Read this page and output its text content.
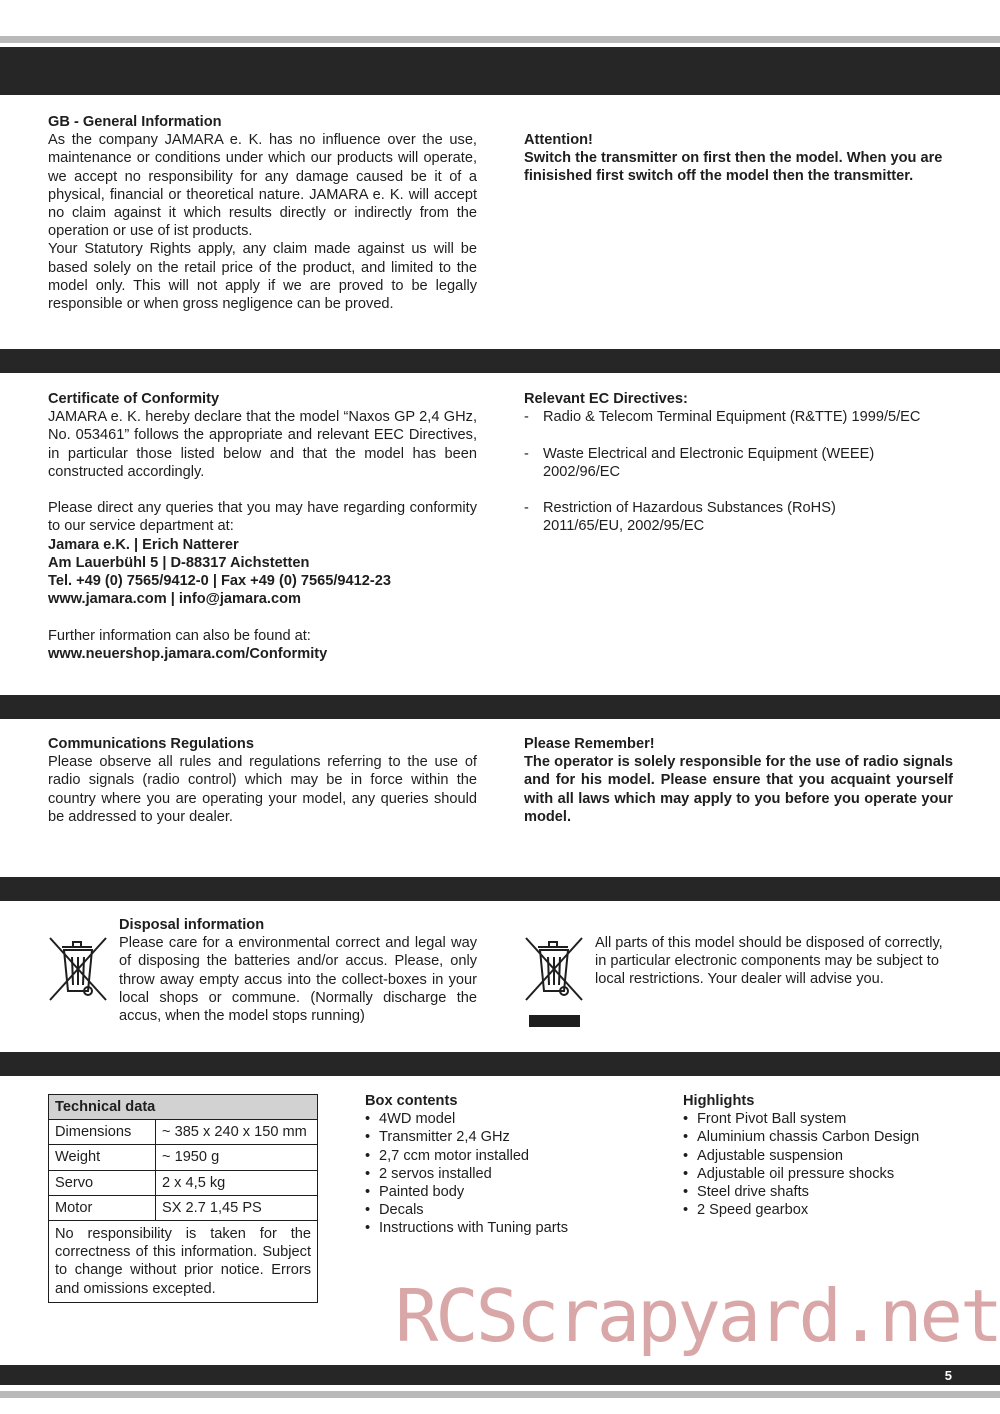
GB - General Information
As the company JAMARA e. K. has no influence over the use, maintenance or conditions under which our products will operate, we accept no responsibility for any damage caused be it of a physical, financial or theoretical nature. JAMARA e. K. will accept no claim against it which results directly or indirectly from the operation or use of ist products.
Your Statutory Rights apply, any claim made against us will be based solely on the retail price of the product, and limited to the model only. This will not apply if we are proved to be legally responsible or when gross negligence can be proved.
Attention!
Switch the transmitter on first then the model. When you are finisished first switch off the model then the transmitter.
Certificate of Conformity
JAMARA e. K. hereby declare that the model “Naxos GP 2,4 GHz, No. 053461” follows the appropriate and relevant EEC Directives, in particular those listed below and that the model has been constructed accordingly.
Please direct any queries that you may have regarding conformity to our service department at:
Jamara e.K. | Erich Natterer
Am Lauerbühl 5 | D-88317 Aichstetten
Tel. +49 (0) 7565/9412-0 | Fax +49 (0) 7565/9412-23
www.jamara.com | info@jamara.com
Further information can also be found at:
www.neuershop.jamara.com/Conformity
Relevant EC Directives:
- Radio & Telecom Terminal Equipment (R&TTE) 1999/5/EC
- Waste Electrical and Electronic Equipment (WEEE) 2002/96/EC
- Restriction of Hazardous Substances (RoHS) 2011/65/EU, 2002/95/EC
Communications Regulations
Please observe all rules and regulations referring to the use of radio signals (radio control) which may be in force within the country where you are operating your model, any queries should be addressed to your dealer.
Please Remember!
The operator is solely responsible for the use of radio signals and for his model. Please ensure that you acquaint yourself with all laws which may apply to you before you operate your model.
Disposal information
Please care for a environmental correct and legal way of disposing the batteries and/or accus. Please, only throw away empty accus into the collect-boxes in your local shops or commune. (Normally discharge the accus, when the model stops running)
All parts of this model should be disposed of correctly, in particular electronic components may be subject to local restrictions. Your dealer will advise you.
Technical data	
Dimensions	~ 385 x 240 x 150 mm
Weight	~ 1950 g
Servo	2 x 4,5 kg
Motor	SX 2.7 1,45 PS
No responsibility is taken for the correctness of this information. Subject to change without prior notice. Errors and omissions excepted.	
Box contents
• 4WD model
• Transmitter 2,4 GHz
• 2,7 ccm motor installed
• 2 servos installed
• Painted body
• Decals
• Instructions with Tuning parts
Highlights
• Front Pivot Ball system
• Aluminium chassis Carbon Design
• Adjustable suspension
• Adjustable oil pressure shocks
• Steel drive shafts
• 2 Speed gearbox
RCScrapyard.net
5
